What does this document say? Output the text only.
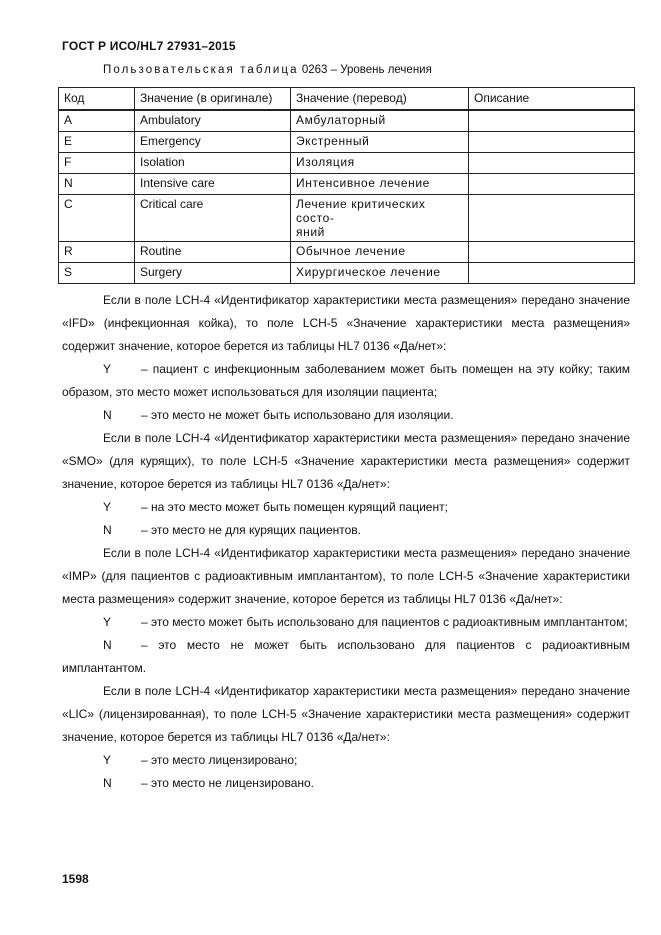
ГОСТ Р ИСО/HL7 27931–2015
Пользовательская таблица 0263 – Уровень лечения
Код	Значение (в оригинале)	Значение (перевод)	Описание
A	Ambulatory	Амбулаторный	
E	Emergency	Экстренный	
F	Isolation	Изоляция	
N	Intensive care	Интенсивное лечение	
C	Critical care	Лечение критических состо-
яний	
R	Routine	Обычное лечение	
S	Surgery	Хирургическое лечение	

Если в поле LCH-4 «Идентификатор характеристики места размещения» передано значение «IFD» (инфекционная койка), то поле LCH-5 «Значение характеристики места размещения» содержит значение, которое берется из таблицы HL7 0136 «Да/нет»:

Y – пациент с инфекционным заболеванием может быть помещен на эту койку; таким образом, это место может использоваться для изоляции пациента;

N – это место не может быть использовано для изоляции.

Если в поле LCH-4 «Идентификатор характеристики места размещения» передано значение «SMO» (для курящих), то поле LCH-5 «Значение характеристики места размещения» содержит значение, которое берется из таблицы HL7 0136 «Да/нет»:

Y – на это место может быть помещен курящий пациент;

N – это место не для курящих пациентов.

Если в поле LCH-4 «Идентификатор характеристики места размещения» передано значение «IMP» (для пациентов с радиоактивным имплантантом), то поле LCH-5 «Значение характеристики места размещения» содержит значение, которое берется из таблицы HL7 0136 «Да/нет»:

Y – это место может быть использовано для пациентов с радиоактивным имплантантом;

N – это место не может быть использовано для пациентов с радиоактивным имплантантом.

Если в поле LCH-4 «Идентификатор характеристики места размещения» передано значение «LIC» (лицензированная), то поле LCH-5 «Значение характеристики места размещения» содержит значение, которое берется из таблицы HL7 0136 «Да/нет»:

Y – это место лицензировано;

N – это место не лицензировано.

1598
